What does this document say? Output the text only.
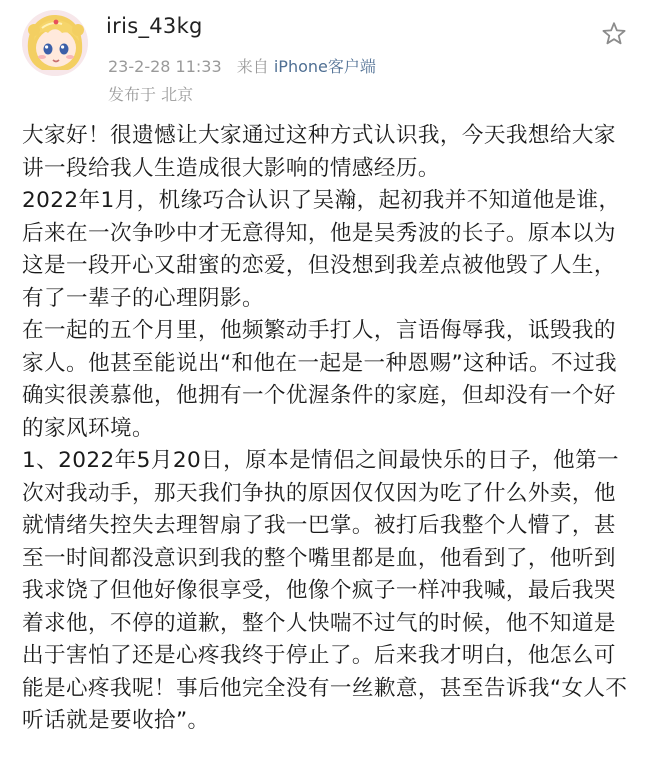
iris_43kg
23-2-28 11:33 来自 iPhone客户端
发布于 北京

大家好！很遗憾让大家通过这种方式认识我，今天我想给大家讲一段给我人生造成很大影响的情感经历。

2022年1月，机缘巧合认识了吴瀚，起初我并不知道他是谁，后来在一次争吵中才无意得知，他是吴秀波的长子。原本以为这是一段开心又甜蜜的恋爱，但没想到我差点被他毁了人生，有了一辈子的心理阴影。

在一起的五个月里，他频繁动手打人，言语侮辱我，诋毁我的家人。他甚至能说出“和他在一起是一种恩赐”这种话。不过我确实很羡慕他，他拥有一个优渥条件的家庭，但却没有一个好的家风环境。

1、2022年5月20日，原本是情侣之间最快乐的日子，他第一次对我动手，那天我们争执的原因仅仅因为吃了什么外卖，他就情绪失控失去理智扇了我一巴掌。被打后我整个人懵了，甚至一时间都没意识到我的整个嘴里都是血，他看到了，他听到我求饶了但他好像很享受，他像个疯子一样冲我喊，最后我哭着求他，不停的道歉，整个人快喘不过气的时候，他不知道是出于害怕了还是心疼我终于停止了。后来我才明白，他怎么可能是心疼我呢！事后他完全没有一丝歉意，甚至告诉我“女人不听话就是要收拾”。
